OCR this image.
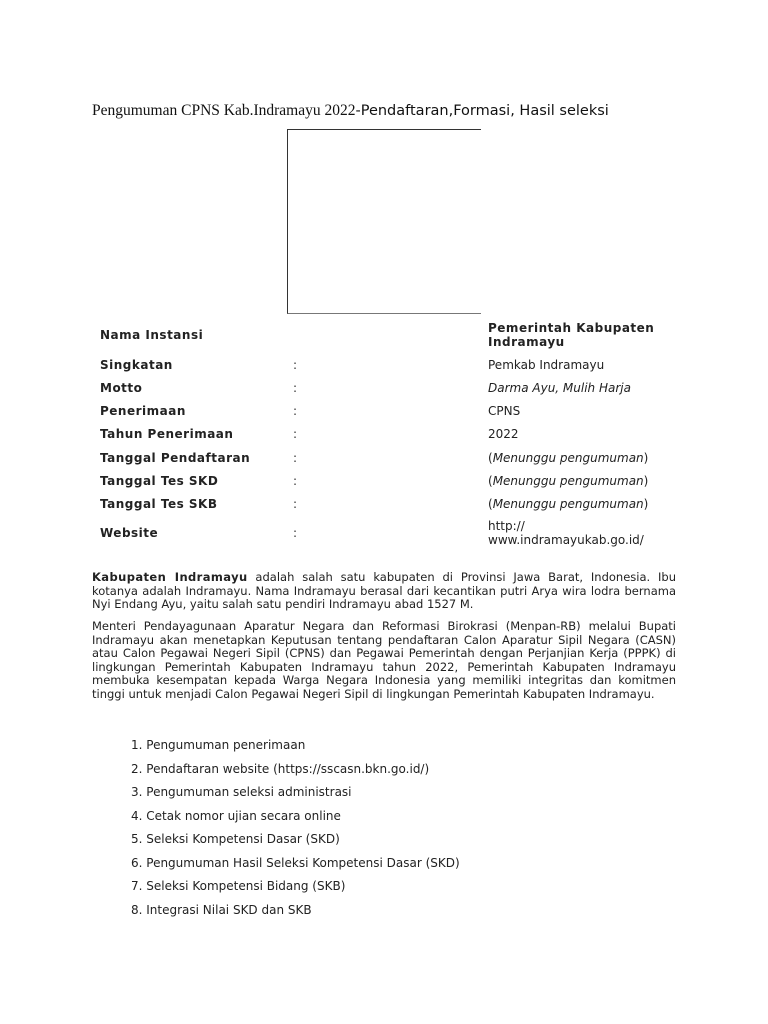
Pengumuman CPNS Kab.Indramayu 2022-Pendaftaran,Formasi, Hasil seleksi
Nama Instansi	Pemerintah Kabupaten Indramayu
Singkatan	:	Pemkab Indramayu
Motto	:	Darma Ayu, Mulih Harja
Penerimaan	:	CPNS
Tahun Penerimaan	:	2022
Tanggal Pendaftaran	:	(Menunggu pengumuman)
Tanggal Tes SKD	:	(Menunggu pengumuman)
Tanggal Tes SKB	:	(Menunggu pengumuman)
Website	:	http://
www.indramayukab.go.id/

Kabupaten Indramayu adalah salah satu kabupaten di Provinsi Jawa Barat, Indonesia. Ibu kotanya adalah Indramayu. Nama Indramayu berasal dari kecantikan putri Arya wira lodra bernama Nyi Endang Ayu, yaitu salah satu pendiri Indramayu abad 1527 M.

Menteri Pendayagunaan Aparatur Negara dan Reformasi Birokrasi (Menpan-RB) melalui Bupati Indramayu akan menetapkan Keputusan tentang pendaftaran Calon Aparatur Sipil Negara (CASN) atau Calon Pegawai Negeri Sipil (CPNS) dan Pegawai Pemerintah dengan Perjanjian Kerja (PPPK) di lingkungan Pemerintah Kabupaten Indramayu tahun 2022, Pemerintah Kabupaten Indramayu membuka kesempatan kepada Warga Negara Indonesia yang memiliki integritas dan komitmen tinggi untuk menjadi Calon Pegawai Negeri Sipil di lingkungan Pemerintah Kabupaten Indramayu.

1. Pengumuman penerimaan
2. Pendaftaran website (https://sscasn.bkn.go.id/)
3. Pengumuman seleksi administrasi
4. Cetak nomor ujian secara online
5. Seleksi Kompetensi Dasar (SKD)
6. Pengumuman Hasil Seleksi Kompetensi Dasar (SKD)
7. Seleksi Kompetensi Bidang (SKB)
8. Integrasi Nilai SKD dan SKB
